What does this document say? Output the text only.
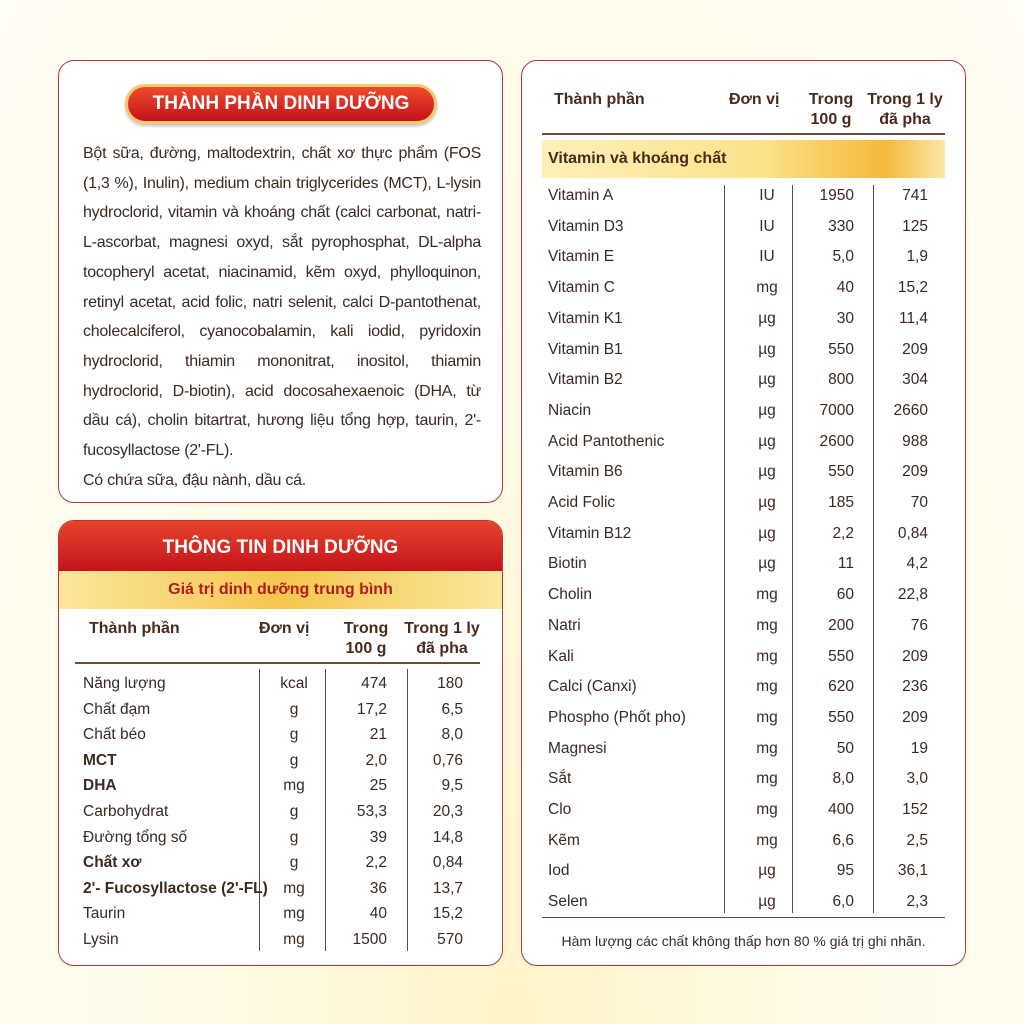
THÀNH PHẦN DINH DƯỠNG

Bột sữa, đường, maltodextrin, chất xơ thực phẩm (FOS (1,3 %), Inulin), medium chain triglycerides (MCT), L-lysin hydroclorid, vitamin và khoáng chất (calci carbonat, natri-L-ascorbat, magnesi oxyd, sắt pyrophosphat, DL-alpha tocopheryl acetat, niacinamid, kẽm oxyd, phylloquinon, retinyl acetat, acid folic, natri selenit, calci D-pantothenat, cholecalciferol, cyanocobalamin, kali iodid, pyridoxin hydroclorid, thiamin mononitrat, inositol, thiamin hydroclorid, D-biotin), acid docosahexaenoic (DHA, từ dầu cá), cholin bitartrat, hương liệu tổng hợp, taurin, 2'-fucosyllactose (2'-FL).

Có chứa sữa, đậu nành, dầu cá.

THÔNG TIN DINH DƯỠNG
Giá trị dinh dưỡng trung bình
Thành phần	Đơn vị	Trong
100 g
Trong 1 ly
đã pha
Năng lượng	kcal	474	180
Chất đạm	g	17,2	6,5
Chất béo	g	21	8,0
MCT	g	2,0	0,76
DHA	mg	25	9,5
Carbohydrat	g	53,3	20,3
Đường tổng số	g	39	14,8
Chất xơ	g	2,2	0,84
2'- Fucosyllactose (2'-FL) mg	36	13,7
Taurin	mg	40	15,2
Lysin	mg	1500	570
Thành phần	Đơn vị	Trong
100 g
Trong 1 ly
đã pha
Vitamin và khoáng chất
Vitamin A	IU	1950	741
Vitamin D3	IU	330	125
Vitamin E	IU	5,0	1,9
Vitamin C	mg	40	15,2
Vitamin K1	µg	30	11,4
Vitamin B1	µg	550	209
Vitamin B2	µg	800	304
Niacin	µg	7000	2660
Acid Pantothenic	µg	2600	988
Vitamin B6	µg	550	209
Acid Folic	µg	185	70
Vitamin B12	µg	2,2	0,84
Biotin	µg	11	4,2
Cholin	mg	60	22,8
Natri	mg	200	76
Kali	mg	550	209
Calci (Canxi)	mg	620	236
Phospho (Phốt pho)	mg	550	209
Magnesi	mg	50	19
Sắt	mg	8,0	3,0
Clo	mg	400	152
Kẽm	mg	6,6	2,5
Iod	µg	95	36,1
Selen	µg	6,0	2,3
Hàm lượng các chất không thấp hơn 80 % giá trị ghi nhãn.
